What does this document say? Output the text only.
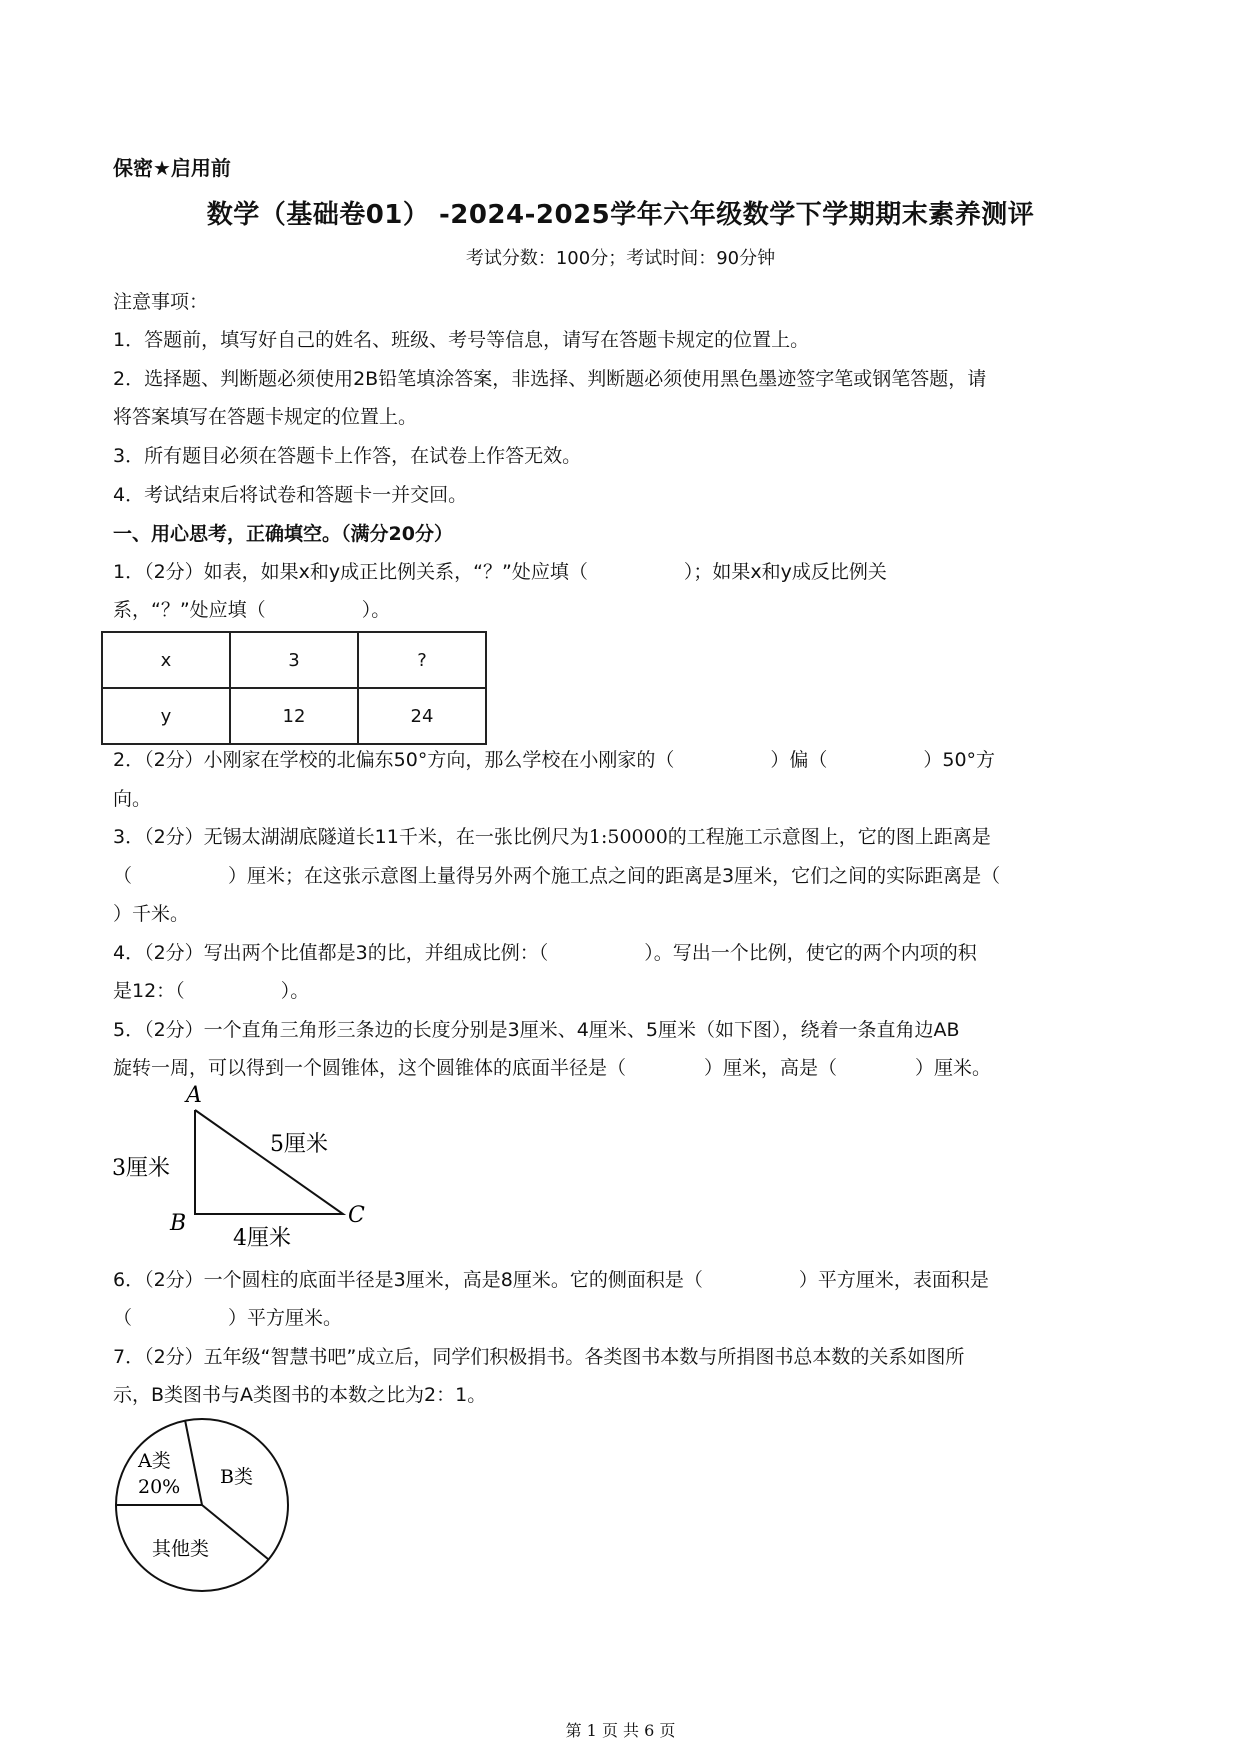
保密★启用前
数学（基础卷01） -2024-2025学年六年级数学下学期期末素养测评
考试分数：100分；考试时间：90分钟
注意事项：
1．答题前，填写好自己的姓名、班级、考号等信息，请写在答题卡规定的位置上。
2．选择题、判断题必须使用2B铅笔填涂答案，非选择、判断题必须使用黑色墨迹签字笔或钢笔答题，请
将答案填写在答题卡规定的位置上。
3．所有题目必须在答题卡上作答，在试卷上作答无效。
4．考试结束后将试卷和答题卡一并交回。
一、用心思考，正确填空。（满分20分）
1．（2分）如表，如果x和y成正比例关系，“？”处应填（	）；如果x和y成反比例关
系，“？”处应填（	）。
x	3	?
y	12	24
2．（2分）小刚家在学校的北偏东50°方向，那么学校在小刚家的（	）偏（	）50°方
向。
3．（2分）无锡太湖湖底隧道长11千米，在一张比例尺为1:50000的工程施工示意图上，它的图上距离是
（	）厘米；在这张示意图上量得另外两个施工点之间的距离是3厘米，它们之间的实际距离是（
）千米。
4．（2分）写出两个比值都是3的比，并组成比例：（	）。写出一个比例，使它的两个内项的积
是12：（	）。
5．（2分）一个直角三角形三条边的长度分别是3厘米、4厘米、5厘米（如下图），绕着一条直角边AB
旋转一周，可以得到一个圆锥体，这个圆锥体的底面半径是（	）厘米，高是（	）厘米。
A
B	C
3厘米
5厘米
4厘米
6．（2分）一个圆柱的底面半径是3厘米，高是8厘米。它的侧面积是（	）平方厘米，表面积是
（	）平方厘米。
7．（2分）五年级“智慧书吧”成立后，同学们积极捐书。各类图书本数与所捐图书总本数的关系如图所
示，B类图书与A类图书的本数之比为2：1。
A类
20% B类
其他类
第 1 页 共 6 页
